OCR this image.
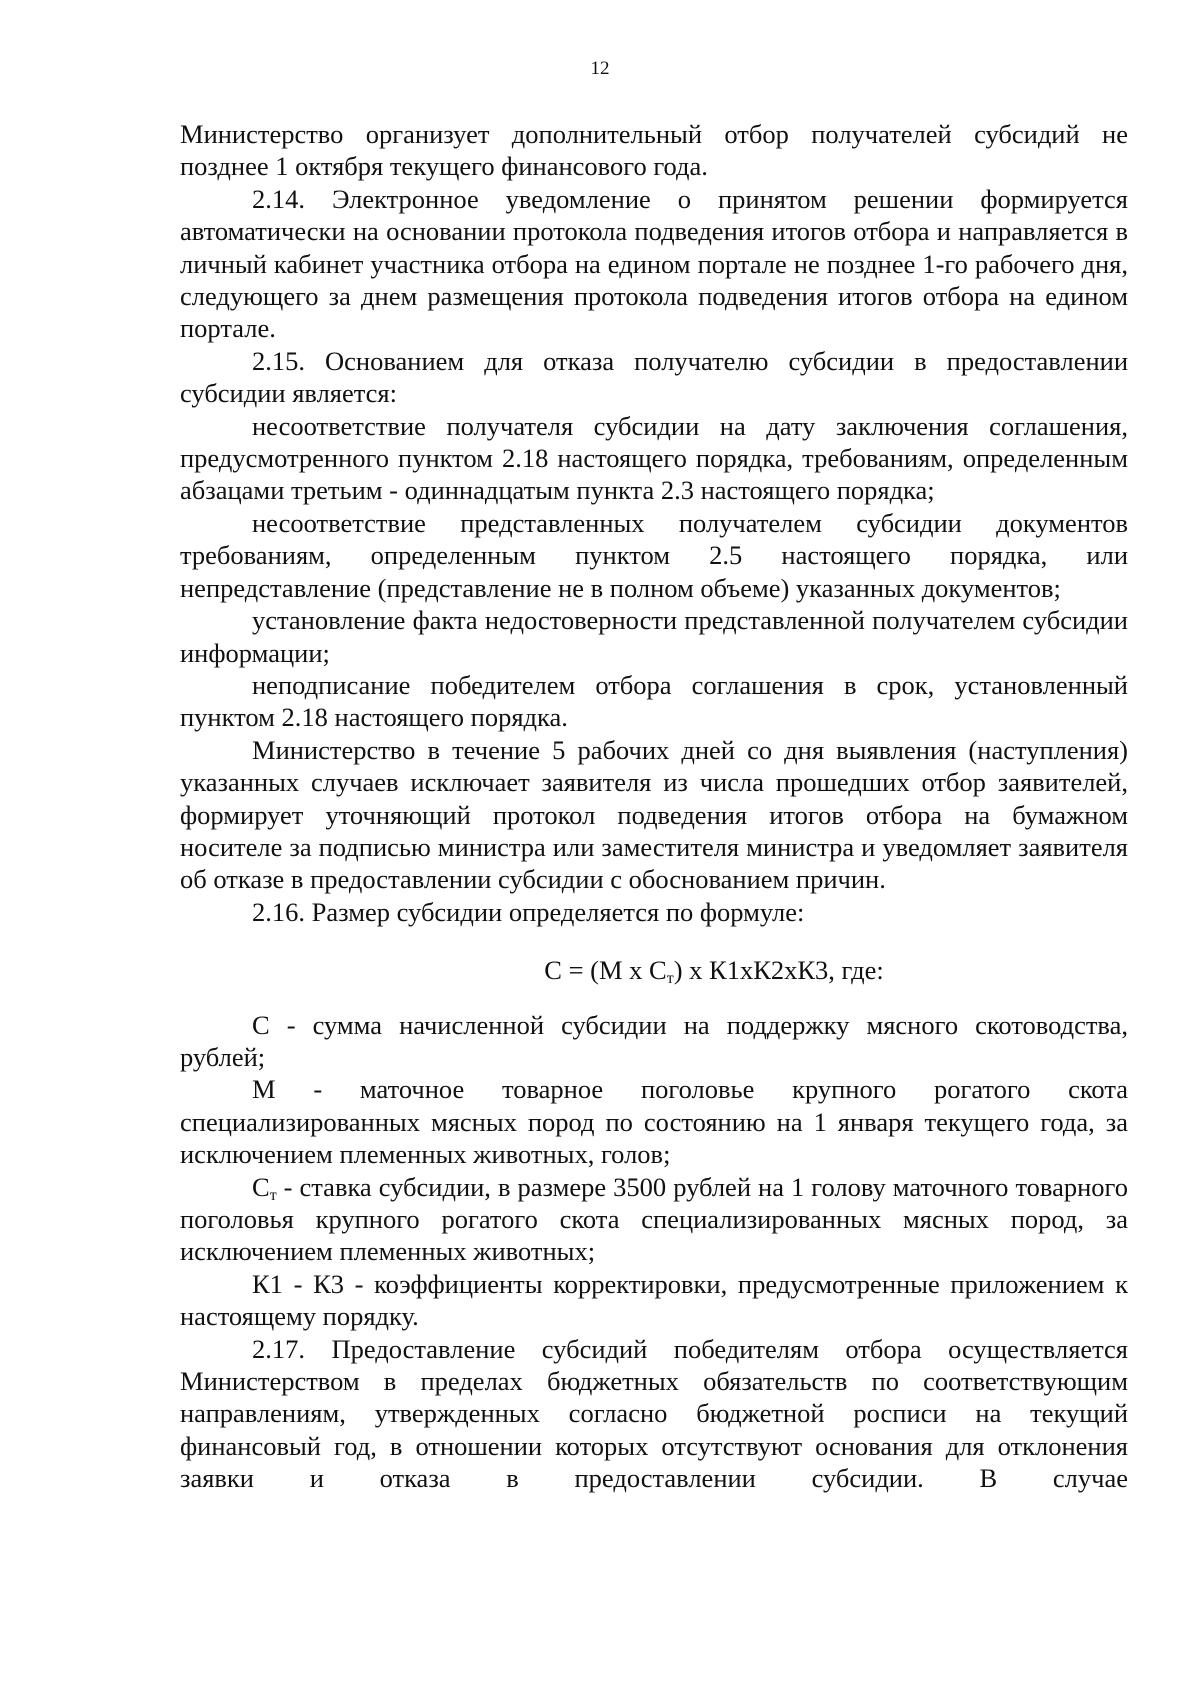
12

Министерство организует дополнительный отбор получателей субсидий не позднее 1 октября текущего финансового года.

2.14. Электронное уведомление о принятом решении формируется автоматически на основании протокола подведения итогов отбора и направляется в личный кабинет участника отбора на едином портале не позднее 1-го рабочего дня, следующего за днем размещения протокола подведения итогов отбора на едином портале.

2.15. Основанием для отказа получателю субсидии в предоставлении субсидии является:

несоответствие получателя субсидии на дату заключения соглашения, предусмотренного пунктом 2.18 настоящего порядка, требованиям, определенным абзацами третьим - одиннадцатым пункта 2.3 настоящего порядка;

несоответствие представленных получателем субсидии документов требованиям, определенным пунктом 2.5 настоящего порядка, или непредставление (представление не в полном объеме) указанных документов;

установление факта недостоверности представленной получателем субсидии информации;

неподписание победителем отбора соглашения в срок, установленный пунктом 2.18 настоящего порядка.

Министерство в течение 5 рабочих дней со дня выявления (наступления) указанных случаев исключает заявителя из числа прошедших отбор заявителей, формирует уточняющий протокол подведения итогов отбора на бумажном носителе за подписью министра или заместителя министра и уведомляет заявителя об отказе в предоставлении субсидии с обоснованием причин.

2.16. Размер субсидии определяется по формуле:

С = (М х $С_т$) х К1хК2хК3, где:

С - сумма начисленной субсидии на поддержку мясного скотоводства, рублей;

М - маточное товарное поголовье крупного рогатого скота специализированных мясных пород по состоянию на 1 января текущего года, за исключением племенных животных, голов;

$С_т$ - ставка субсидии, в размере 3500 рублей на 1 голову маточного товарного поголовья крупного рогатого скота специализированных мясных пород, за исключением племенных животных;

К1 - К3 - коэффициенты корректировки, предусмотренные приложением к настоящему порядку.

2.17. Предоставление субсидий победителям отбора осуществляется Министерством в пределах бюджетных обязательств по соответствующим направлениям, утвержденных согласно бюджетной росписи на текущий финансовый год, в отношении которых отсутствуют основания для отклонения заявки и отказа в предоставлении субсидии. В случае
